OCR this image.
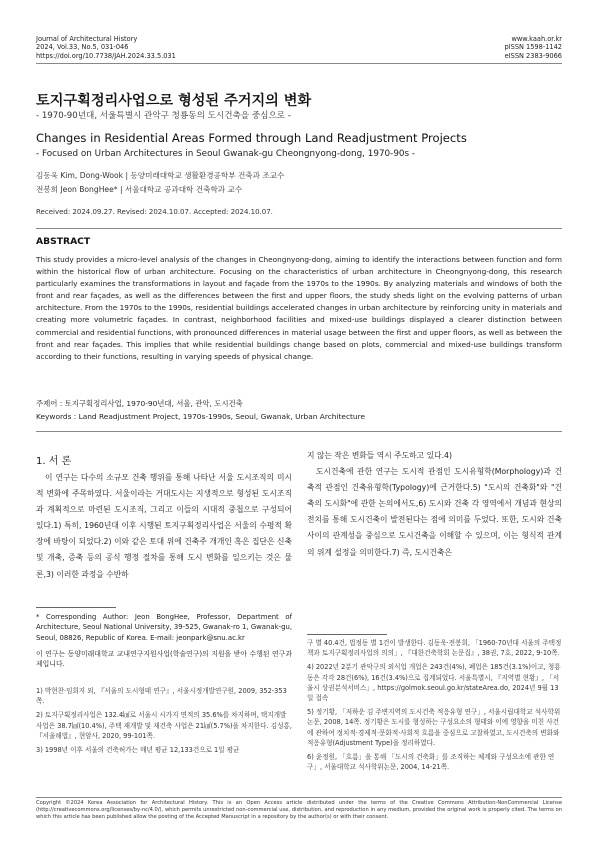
Journal of Architectural History
2024, Vol.33, No.5, 031-046
https://doi.org/10.7738/JAH.2024.33.5.031
www.kaah.or.kr
pISSN 1598-1142
eISSN 2383-9066
토지구획정리사업으로 형성된 주거지의 변화
- 1970-90년대, 서울특별시 관악구 청룡동의 도시건축을 중심으로 -
Changes in Residential Areas Formed through Land Readjustment Projects
- Focused on Urban Architectures in Seoul Gwanak-gu Cheongnyong-dong, 1970-90s -
김동욱 Kim, Dong-Wook | 동양미래대학교 생활환경공학부 건축과 조교수
전봉희 Jeon BongHee* | 서울대학교 공과대학 건축학과 교수
Received: 2024.09.27. Revised: 2024.10.07. Accepted: 2024.10.07.
ABSTRACT
This study provides a micro-level analysis of the changes in Cheongnyong-dong, aiming to identify the interactions between function and form within the historical flow of urban architecture. Focusing on the characteristics of urban architecture in Cheongnyong-dong, this research particularly examines the transformations in layout and façade from the 1970s to the 1990s. By analyzing materials and windows of both the front and rear façades, as well as the differences between the first and upper floors, the study sheds light on the evolving patterns of urban architecture. From the 1970s to the 1990s, residential buildings accelerated changes in urban architecture by reinforcing unity in materials and creating more volumetric façades. In contrast, neighborhood facilities and mixed-use buildings displayed a clearer distinction between commercial and residential functions, with pronounced differences in material usage between the first and upper floors, as well as between the front and rear façades. This implies that while residential buildings change based on plots, commercial and mixed-use buildings transform according to their functions, resulting in varying speeds of physical change.
주제어 : 토지구획정리사업, 1970-90년대, 서울, 관악, 도시건축
Keywords : Land Readjustment Project, 1970s-1990s, Seoul, Gwanak, Urban Architecture
1. 서 론
이 연구는 다수의 소규모 건축 행위를 통해 나타난 서울 도시조직의 미시적 변화에 주목하였다. 서울이라는 거대도시는 지생적으로 형성된 도시조직과 계획적으로 마련된 도시조직, 그리고 이들의 시대적 중첩으로 구성되어 있다.1) 특히, 1960년대 이후 시행된 토지구획정리사업은 서울의 수평적 확장에 바탕이 되었다.2) 이와 같은 토대 위에 건축주 개개인 혹은 집단은 신축 및 개축, 증축 등의 공식 행정 절차를 통해 도시 변화를 일으키는 것은 물론,3) 이러한 과정을 수반하

지 않는 작은 변화들 역시 주도하고 있다.4)

도시건축에 관한 연구는 도시적 관점인 도시유형학(Morphology)과 건축적 관점인 건축유형학(Typology)에 근거한다.5) "도시의 건축화"와 "건축의 도시화"에 관한 논의에서도,6) 도시와 건축 각 영역에서 개념과 현상의 전치를 통해 도시건축이 발전된다는 점에 의미를 두었다. 또한, 도시와 건축 사이의 관계성을 중심으로 도시건축을 이해할 수 있으며, 이는 형식적 관계의 위계 설정을 의미한다.7) 즉, 도시건축은

* Corresponding Author: Jeon BongHee, Professor, Department of Architecture, Seoul National University, 39-525, Gwanak-ro 1, Gwanak-gu, Seoul, 08826, Republic of Korea. E-mail: jeonpark@snu.ac.kr
이 연구는 동양미래대학교 교내연구지원사업(학술연구)의 지원을 받아 수행된 연구과제입니다.
1) 박현찬·임희지 외, 『서울의 도시형태 연구』, 서울시정개발연구원, 2009, 352-353쪽.
2) 토지구획정리사업은 132.4㎢로 서울시 시가지 면적의 35.6%를 차지하며, 택지개발사업은 38.7㎢(10.4%), 주택 재개발 및 재건축 사업은 21㎢(5.7%)을 차지한다. 김성홍, 『서울해법』, 현암사, 2020, 99-101쪽.
3) 1998년 이후 서울의 건축허가는 매년 평균 12,133건으로 1일 평균
구 별 40.4건, 법정동 별 1건이 발생한다. 김동욱·전봉희, 「1960-70년대 서울의 주택정책과 토지구획정리사업의 의의」, 『대한건축학회 논문집』, 38권, 7호, 2022, 9-10쪽.
4) 2022년 2분기 관악구의 외식업 개업은 243건(4%), 폐업은 185건(3.1%)이고, 청룡동은 각각 28건(6%), 16건(3.4%)으로 집계되었다. 서울특별시, 『지역별 현황』, 「서울시 상권분석서비스」, https://golmok.seoul.go.kr/stateArea.do, 2024년 9월 13일 접속
5) 정기황, 「저하운 김 주변지역의 도시건축 적응유형 연구」, 서울시립대학교 석사학위논문, 2008, 14쪽. 정기황은 도시를 형성하는 구성요소의 형태와 이에 영향을 미친 사건에 관하여 정치적·경제적·문화적·사회적 흐름을 중심으로 고찰하였고, 도시건축의 변화와 적응유형(Adjustment Type)을 정리하였다.
6) 윤정원, 「흐름」을 통해 「도시의 건축화」를 조직하는 체계와 구성요소에 관한 연구」, 서울대학교 석사학위논문, 2004, 14-21쪽.
Copyright ©2024 Korea Association for Architectural History. This is an Open Access article distributed under the terms of the Creative Commons Attribution-NonCommercial License (http://creativecommons.org/licenses/by-nc/4.0/), which permits unrestricted non-commercial use, distribution, and reproduction in any medium, provided the original work is properly cited. The terms on which this article has been published allow the posting of the Accepted Manuscript in a repository by the author(s) or with their consent.
